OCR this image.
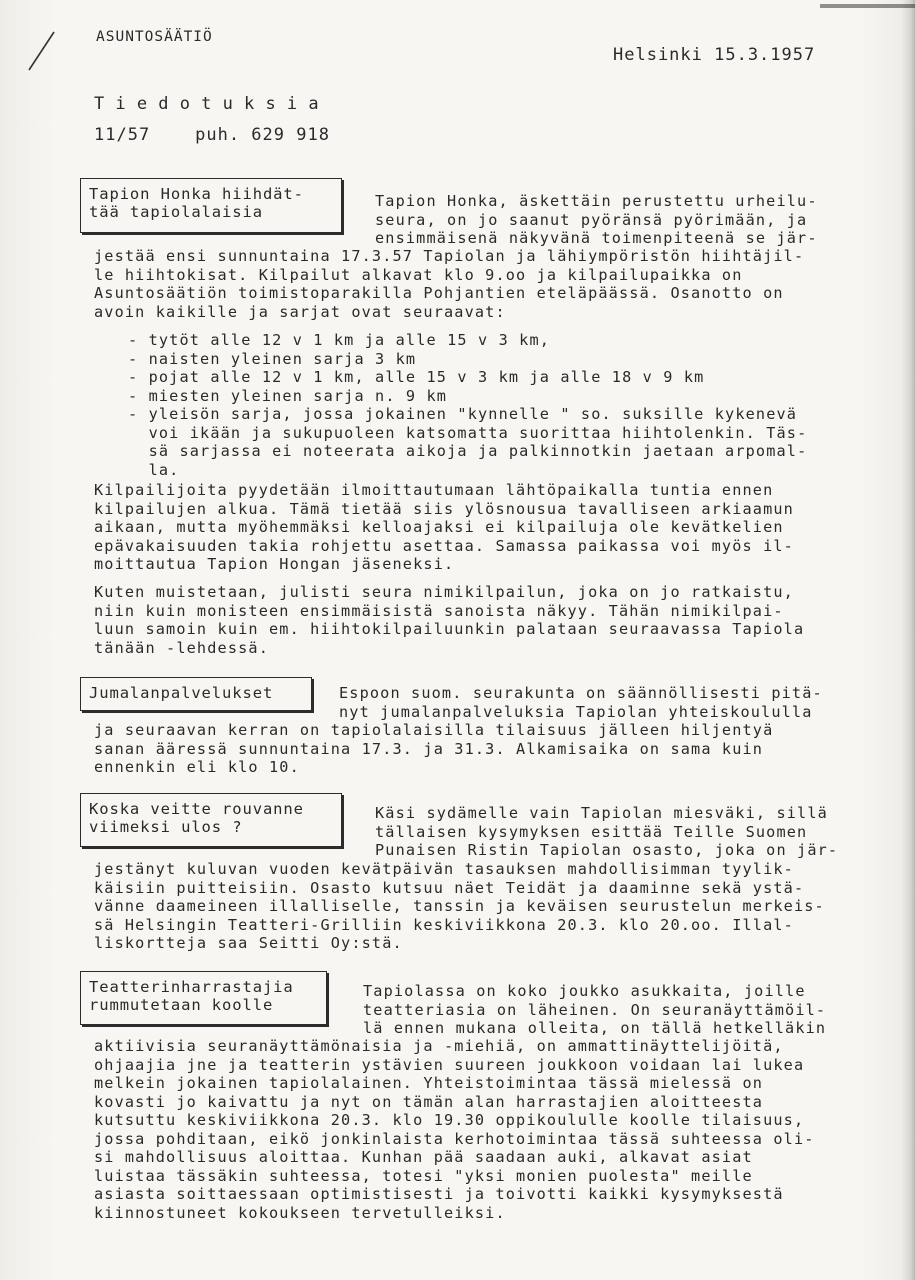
ASUNTOSÄÄTIÖ
Helsinki 15.3.1957
Tiedotuksia
11/57    puh. 629 918
Tapion Honka hiihdät-
tää tapiolalaisia
Tapion Honka, äskettäin perustettu urheilu-
seura, on jo saanut pyöränsä pyörimään, ja
ensimmäisenä näkyvänä toimenpiteenä se jär-
jestää ensi sunnuntaina 17.3.57 Tapiolan ja lähiympöristön hiihtäjil-
le hiihtokisat. Kilpailut alkavat klo 9.oo ja kilpailupaikka on
Asuntosäätiön toimistoparakilla Pohjantien eteläpäässä. Osanotto on
avoin kaikille ja sarjat ovat seuraavat:
- tytöt alle 12 v 1 km ja alle 15 v 3 km,
- naisten yleinen sarja 3 km
- pojat alle 12 v 1 km, alle 15 v 3 km ja alle 18 v 9 km
- miesten yleinen sarja n. 9 km
- yleisön sarja, jossa jokainen "kynnelle " so. suksille kykenevä
voi ikään ja sukupuoleen katsomatta suorittaa hiihtolenkin. Täs-
sä sarjassa ei noteerata aikoja ja palkinnotkin jaetaan arpomal-
la.
Kilpailijoita pyydetään ilmoittautumaan lähtöpaikalla tuntia ennen
kilpailujen alkua. Tämä tietää siis ylösnousua tavalliseen arkiaamun
aikaan, mutta myöhemmäksi kelloajaksi ei kilpailuja ole kevätkelien
epävakaisuuden takia rohjettu asettaa. Samassa paikassa voi myös il-
moittautua Tapion Hongan jäseneksi.
Kuten muistetaan, julisti seura nimikilpailun, joka on jo ratkaistu,
niin kuin monisteen ensimmäisistä sanoista näkyy. Tähän nimikilpai-
luun samoin kuin em. hiihtokilpailuunkin palataan seuraavassa Tapiola
tänään -lehdessä.
Jumalanpalvelukset	Espoon suom. seurakunta on säännöllisesti pitä-
nyt jumalanpalveluksia Tapiolan yhteiskoululla
ja seuraavan kerran on tapiolalaisilla tilaisuus jälleen hiljentyä
sanan ääressä sunnuntaina 17.3. ja 31.3. Alkamisaika on sama kuin
ennenkin eli klo 10.
Koska veitte rouvanne
viimeksi ulos ?
Käsi sydämelle vain Tapiolan miesväki, sillä
tällaisen kysymyksen esittää Teille Suomen
Punaisen Ristin Tapiolan osasto, joka on jär-
jestänyt kuluvan vuoden kevätpäivän tasauksen mahdollisimman tyylik-
käisiin puitteisiin. Osasto kutsuu näet Teidät ja daaminne sekä ystä-
vänne daameineen illalliselle, tanssin ja keväisen seurustelun merkeis-
sä Helsingin Teatteri-Grilliin keskiviikkona 20.3. klo 20.oo. Illal-
liskortteja saa Seitti Oy:stä.
Teatterinharrastajia
rummutetaan koolle
Tapiolassa on koko joukko asukkaita, joille
teatteriasia on läheinen. On seuranäyttämöil-
lä ennen mukana olleita, on tällä hetkelläkin
aktiivisia seuranäyttämönaisia ja -miehiä, on ammattinäyttelijöitä,
ohjaajia jne ja teatterin ystävien suureen joukkoon voidaan lai lukea
melkein jokainen tapiolalainen. Yhteistoimintaa tässä mielessä on
kovasti jo kaivattu ja nyt on tämän alan harrastajien aloitteesta
kutsuttu keskiviikkona 20.3. klo 19.30 oppikoululle koolle tilaisuus,
jossa pohditaan, eikö jonkinlaista kerhotoimintaa tässä suhteessa oli-
si mahdollisuus aloittaa. Kunhan pää saadaan auki, alkavat asiat
luistaa tässäkin suhteessa, totesi "yksi monien puolesta" meille
asiasta soittaessaan optimistisesti ja toivotti kaikki kysymyksestä
kiinnostuneet kokoukseen tervetulleiksi.
